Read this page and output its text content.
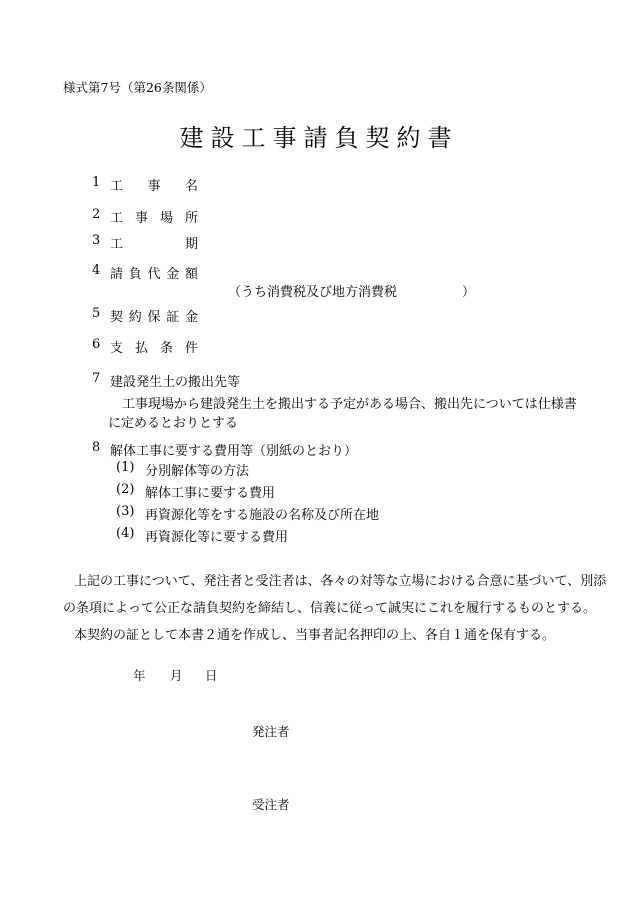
様式第7号（第26条関係）
建設工事請負契約書
1 工 事 名
2 工 事 場 所
3 工	期
4 請 負 代 金 額
（うち消費税及び地方消費税　　　　　）
5 契 約 保 証 金
6 支 払 条 件
7 建設発生土の搬出先等
工事現場から建設発生土を搬出する予定がある場合、搬出先については仕様書
に定めるとおりとする
8 解体工事に要する費用等（別紙のとおり）
(1) 分別解体等の方法
(2) 解体工事に要する費用
(3) 再資源化等をする施設の名称及び所在地
(4) 再資源化等に要する費用
上記の工事について、発注者と受注者は、各々の対等な立場における合意に基づいて、別添
の条項によって公正な請負契約を締結し、信義に従って誠実にこれを履行するものとする。
本契約の証として本書２通を作成し、当事者記名押印の上、各自１通を保有する。
年 月 日
発注者
受注者
